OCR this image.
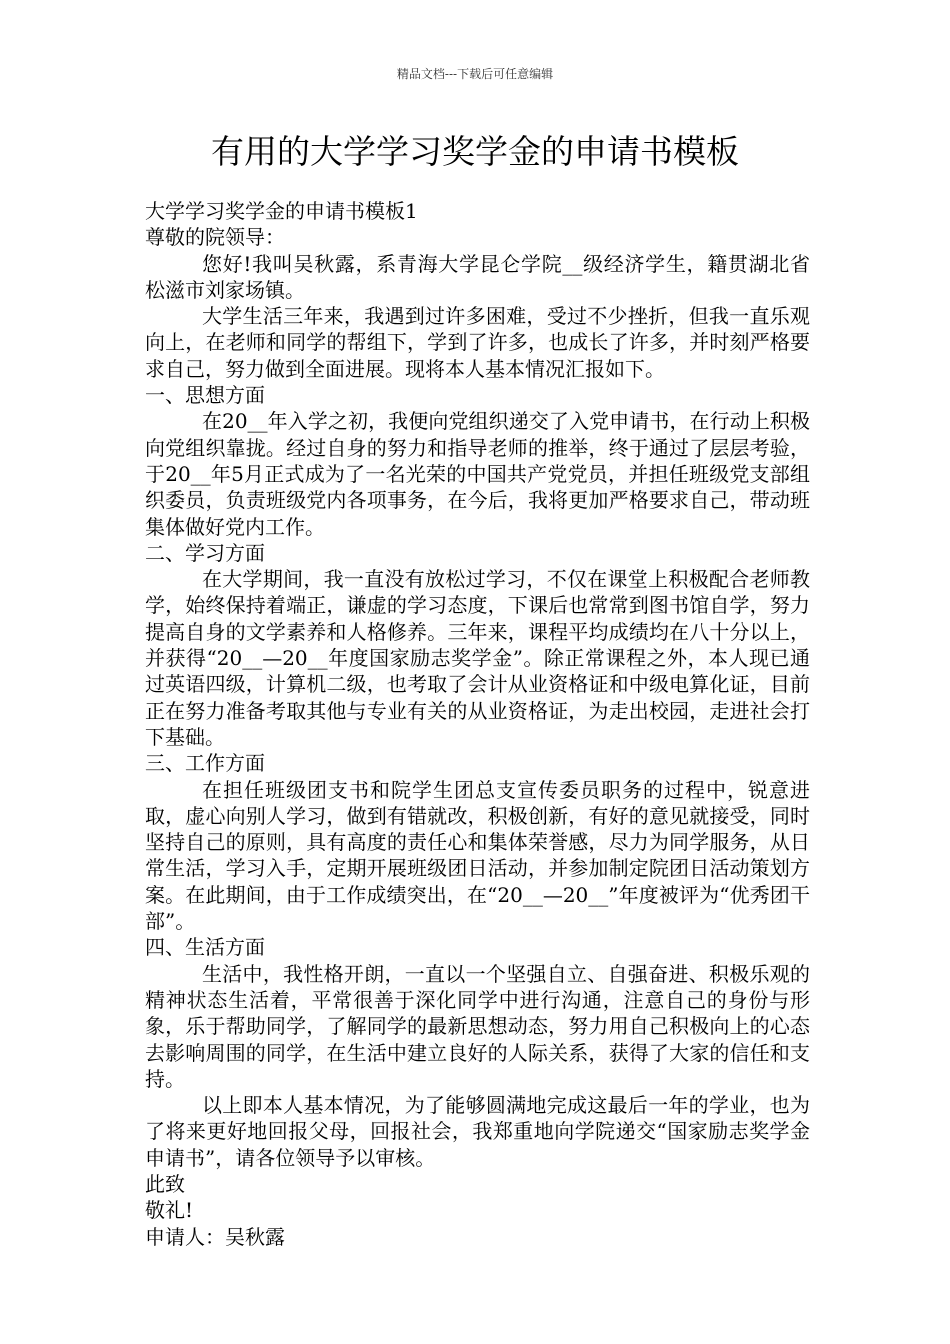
精品文档---下载后可任意编辑
有用的大学学习奖学金的申请书模板

大学学习奖学金的申请书模板1

尊敬的院领导：

您好!我叫吴秋露，系青海大学昆仑学院__级经济学生，籍贯湖北省松滋市刘家场镇。

大学生活三年来，我遇到过许多困难，受过不少挫折，但我一直乐观向上，在老师和同学的帮组下，学到了许多，也成长了许多，并时刻严格要求自己，努力做到全面进展。现将本人基本情况汇报如下。

一、思想方面

在20__年入学之初，我便向党组织递交了入党申请书，在行动上积极向党组织靠拢。经过自身的努力和指导老师的推举，终于通过了层层考验，于20__年5月正式成为了一名光荣的中国共产党党员，并担任班级党支部组织委员，负责班级党内各项事务，在今后，我将更加严格要求自己，带动班集体做好党内工作。

二、学习方面

在大学期间，我一直没有放松过学习，不仅在课堂上积极配合老师教学，始终保持着端正，谦虚的学习态度，下课后也常常到图书馆自学，努力提高自身的文学素养和人格修养。三年来，课程平均成绩均在八十分以上，并获得“20__—20__年度国家励志奖学金”。除正常课程之外，本人现已通过英语四级，计算机二级，也考取了会计从业资格证和中级电算化证，目前正在努力准备考取其他与专业有关的从业资格证，为走出校园，走进社会打下基础。

三、工作方面

在担任班级团支书和院学生团总支宣传委员职务的过程中，锐意进取，虚心向别人学习，做到有错就改，积极创新，有好的意见就接受，同时坚持自己的原则，具有高度的责任心和集体荣誉感，尽力为同学服务，从日常生活，学习入手，定期开展班级团日活动，并参加制定院团日活动策划方案。在此期间，由于工作成绩突出，在“20__—20__”年度被评为“优秀团干部”。

四、生活方面

生活中，我性格开朗，一直以一个坚强自立、自强奋进、积极乐观的精神状态生活着，平常很善于深化同学中进行沟通，注意自己的身份与形象，乐于帮助同学，了解同学的最新思想动态，努力用自己积极向上的心态去影响周围的同学，在生活中建立良好的人际关系，获得了大家的信任和支持。

以上即本人基本情况，为了能够圆满地完成这最后一年的学业，也为了将来更好地回报父母，回报社会，我郑重地向学院递交“国家励志奖学金申请书”，请各位领导予以审核。

此致

敬礼!

申请人：吴秋露
